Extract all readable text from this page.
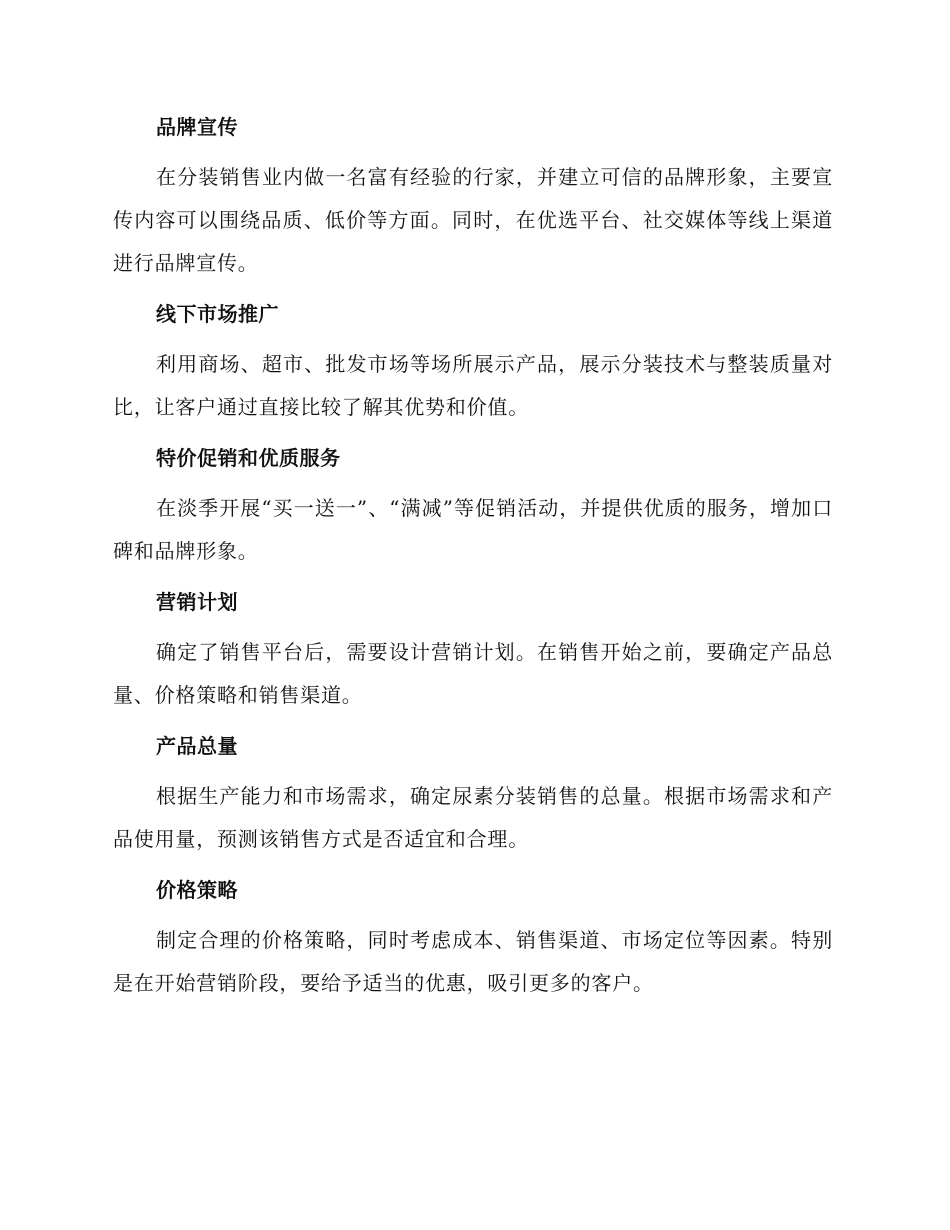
品牌宣传

在分装销售业内做一名富有经验的行家，并建立可信的品牌形象，主要宣传内容可以围绕品质、低价等方面。同时，在优选平台、社交媒体等线上渠道进行品牌宣传。

线下市场推广

利用商场、超市、批发市场等场所展示产品，展示分装技术与整装质量对比，让客户通过直接比较了解其优势和价值。

特价促销和优质服务

在淡季开展“买一送一”、“满减”等促销活动，并提供优质的服务，增加口碑和品牌形象。

营销计划

确定了销售平台后，需要设计营销计划。在销售开始之前，要确定产品总量、价格策略和销售渠道。

产品总量

根据生产能力和市场需求，确定尿素分装销售的总量。根据市场需求和产品使用量，预测该销售方式是否适宜和合理。

价格策略

制定合理的价格策略，同时考虑成本、销售渠道、市场定位等因素。特别是在开始营销阶段，要给予适当的优惠，吸引更多的客户。
